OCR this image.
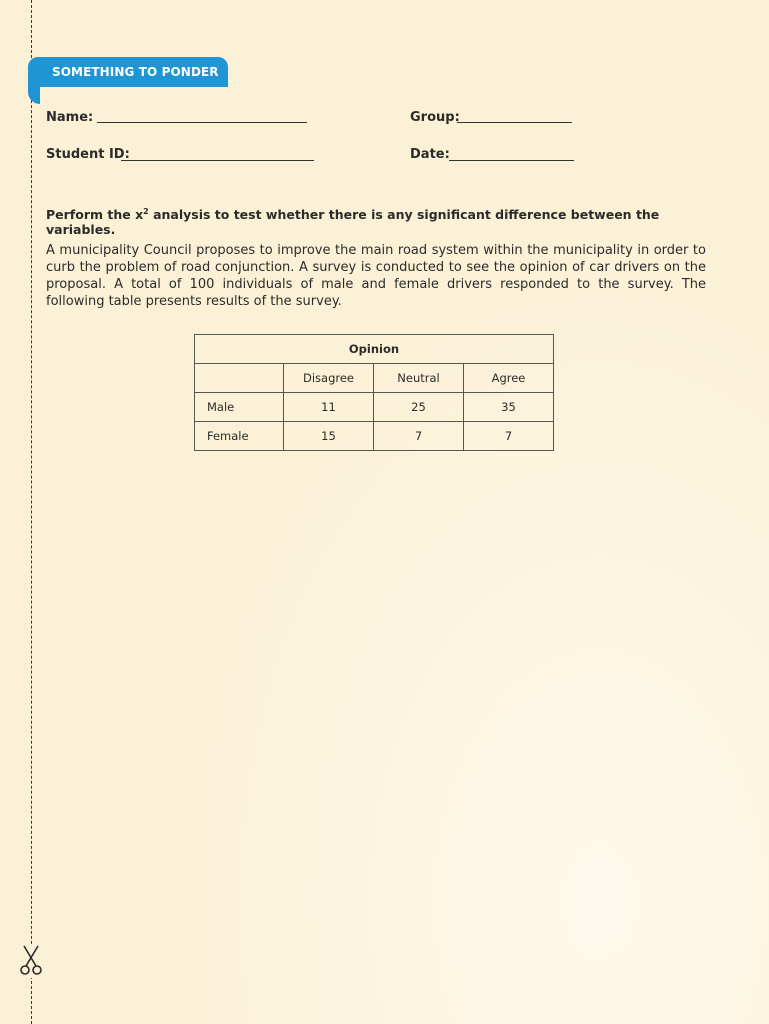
SOMETHING TO PONDER
Name:	Group:
Student ID:	Date:
Perform the $x^2$ analysis to test whether there is any significant difference between the variables.
A municipality Council proposes to improve the main road system within the municipality in order to curb the problem of road conjunction. A survey is conducted to see the opinion of car drivers on the proposal. A total of 100 individuals of male and female drivers responded to the survey. The following table presents results of the survey.
Opinion			
	Disagree	Neutral	Agree
Male	11	25	35
Female	15	7	7
